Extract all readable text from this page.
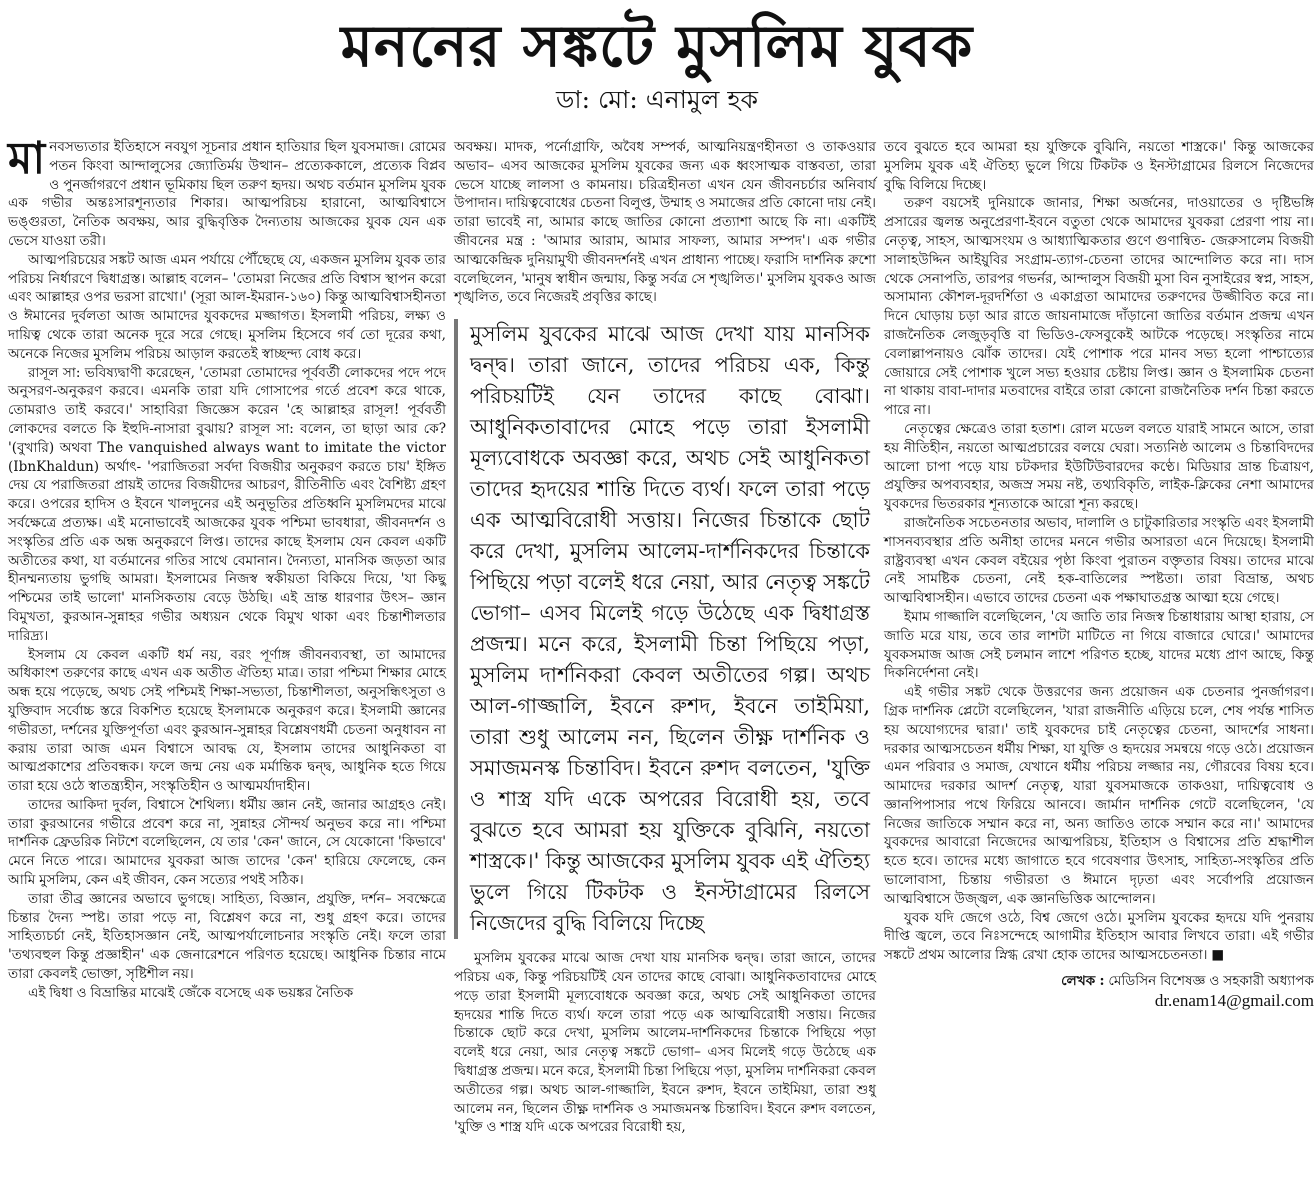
মননের সঙ্কটে মুসলিম যুবক
ডা: মো: এনামুল হক

মানবসভ্যতার ইতিহাসে নবযুগ সূচনার প্রধান হাতিয়ার ছিল যুবসমাজ। রোমের পতন কিংবা আন্দালুসের জ্যোতির্ময় উত্থান– প্রত্যেককালে, প্রত্যেক বিপ্লব ও পুনর্জাগরণে প্রধান ভূমিকায় ছিল তরুণ হৃদয়। অথচ বর্তমান মুসলিম যুবক এক গভীর অন্তঃসারশূন্যতার শিকার। আত্মপরিচয় হারানো, আত্মবিশ্বাসে ভঙ্গুরতা, নৈতিক অবক্ষয়, আর বুদ্ধিবৃত্তিক দৈন্যতায় আজকের যুবক যেন এক ভেসে যাওয়া তরী।

আত্মপরিচয়ের সঙ্কট আজ এমন পর্যায়ে পৌঁছেছে যে, একজন মুসলিম যুবক তার পরিচয় নির্ধারণে দ্বিধাগ্রস্ত। আল্লাহ বলেন– 'তোমরা নিজের প্রতি বিশ্বাস স্থাপন করো এবং আল্লাহর ওপর ভরসা রাখো।' (সূরা আল-ইমরান-১৬০) কিন্তু আত্মবিশ্বাসহীনতা ও ঈমানের দুর্বলতা আজ আমাদের যুবকদের মজ্জাগত। ইসলামী পরিচয়, লক্ষ্য ও দায়িত্ব থেকে তারা অনেক দূরে সরে গেছে। মুসলিম হিসেবে গর্ব তো দূরের কথা, অনেকে নিজের মুসলিম পরিচয় আড়াল করতেই স্বাচ্ছন্দ্য বোধ করে।

রাসূল সা: ভবিষ্যদ্বাণী করেছেন, 'তোমরা তোমাদের পূর্ববর্তী লোকদের পদে পদে অনুসরণ-অনুকরণ করবে। এমনকি তারা যদি গোসাপের গর্তে প্রবেশ করে থাকে, তোমরাও তাই করবে।' সাহাবিরা জিজ্ঞেস করেন 'হে আল্লাহর রাসূল! পূর্ববর্তী লোকদের বলতে কি ইহুদি-নাসারা বুঝায়? রাসূল সা: বলেন, তা ছাড়া আর কে? '(বুখারি) অথবা The vanquished always want to imitate the victor (IbnKhaldun) অর্থাৎ- 'পরাজিতরা সর্বদা বিজয়ীর অনুকরণ করতে চায়' ইঙ্গিত দেয় যে পরাজিতরা প্রায়ই তাদের বিজয়ীদের আচরণ, রীতিনীতি এবং বৈশিষ্ট্য গ্রহণ করে। ওপরের হাদিস ও ইবনে খালদুনের এই অনুভূতির প্রতিধ্বনি মুসলিমদের মাঝে সর্বক্ষেত্রে প্রত্যক্ষ। এই মনোভাবেই আজকের যুবক পশ্চিমা ভাবধারা, জীবনদর্শন ও সংস্কৃতির প্রতি এক অন্ধ অনুকরণে লিপ্ত। তাদের কাছে ইসলাম যেন কেবল একটি অতীতের কথা, যা বর্তমানের গতির সাথে বেমানান। দৈন্যতা, মানসিক জড়তা আর হীনম্মন্যতায় ভুগছি আমরা। ইসলামের নিজস্ব স্বকীয়তা বিকিয়ে দিয়ে, 'যা কিছু পশ্চিমের তাই ভালো' মানসিকতায় বেড়ে উঠছি। এই ভ্রান্ত ধারণার উৎস– জ্ঞান বিমুখতা, কুরআন-সুন্নাহর গভীর অধ্যয়ন থেকে বিমুখ থাকা এবং চিন্তাশীলতার দারিদ্র্য।

ইসলাম যে কেবল একটি ধর্ম নয়, বরং পূর্ণাঙ্গ জীবনব্যবস্থা, তা আমাদের অধিকাংশ তরুণের কাছে এখন এক অতীত ঐতিহ্য মাত্র। তারা পশ্চিমা শিক্ষার মোহে অন্ধ হয়ে পড়েছে, অথচ সেই পশ্চিমই শিক্ষা-সভ্যতা, চিন্তাশীলতা, অনুসন্ধিৎসুতা ও যুক্তিবাদ সর্বোচ্চ স্তরে বিকশিত হয়েছে ইসলামকে অনুকরণ করে। ইসলামী জ্ঞানের গভীরতা, দর্শনের যুক্তিপূর্ণতা এবং কুরআন-সুন্নাহর বিশ্লেষণধর্মী চেতনা অনুধাবন না করায় তারা আজ এমন বিশ্বাসে আবদ্ধ যে, ইসলাম তাদের আধুনিকতা বা আত্মপ্রকাশের প্রতিবন্ধক। ফলে জন্ম নেয় এক মর্মান্তিক দ্বন্দ্ব, আধুনিক হতে গিয়ে তারা হয়ে ওঠে স্বাতন্ত্র্যহীন, সংস্কৃতিহীন ও আত্মমর্যাদাহীন।

তাদের আকিদা দুর্বল, বিশ্বাসে শৈথিল্য। ধর্মীয় জ্ঞান নেই, জানার আগ্রহও নেই। তারা কুরআনের গভীরে প্রবেশ করে না, সুন্নাহর সৌন্দর্য অনুভব করে না। পশ্চিমা দার্শনিক ফ্রেডরিক নিটশে বলেছিলেন, যে তার 'কেন' জানে, সে যেকোনো 'কিভাবে' মেনে নিতে পারে। আমাদের যুবকরা আজ তাদের 'কেন' হারিয়ে ফেলেছে, কেন আমি মুসলিম, কেন এই জীবন, কেন সত্যের পথই সঠিক।

তারা তীব্র জ্ঞানের অভাবে ভুগছে। সাহিত্য, বিজ্ঞান, প্রযুক্তি, দর্শন– সবক্ষেত্রে চিন্তার দৈন্য স্পষ্ট। তারা পড়ে না, বিশ্লেষণ করে না, শুধু গ্রহণ করে। তাদের সাহিত্যচর্চা নেই, ইতিহাসজ্ঞান নেই, আত্মপর্যালোচনার সংস্কৃতি নেই। ফলে তারা 'তথ্যবহুল কিন্তু প্রজ্ঞাহীন' এক জেনারেশনে পরিণত হয়েছে। আধুনিক চিন্তার নামে তারা কেবলই ভোক্তা, সৃষ্টিশীল নয়।

এই দ্বিধা ও বিভ্রান্তির মাঝেই জেঁকে বসেছে এক ভয়ঙ্কর নৈতিক

অবক্ষয়। মাদক, পর্নোগ্রাফি, অবৈধ সম্পর্ক, আত্মনিয়ন্ত্রণহীনতা ও তাকওয়ার অভাব– এসব আজকের মুসলিম যুবকের জন্য এক ধ্বংসাত্মক বাস্তবতা, তারা ভেসে যাচ্ছে লালসা ও কামনায়। চরিত্রহীনতা এখন যেন জীবনচর্চার অনিবার্য উপাদান। দায়িত্ববোধের চেতনা বিলুপ্ত, উম্মাহ ও সমাজের প্রতি কোনো দায় নেই। তারা ভাবেই না, আমার কাছে জাতির কোনো প্রত্যাশা আছে কি না। একটিই জীবনের মন্ত্র : 'আমার আরাম, আমার সাফল্য, আমার সম্পদ'। এক গভীর আত্মকেন্দ্রিক দুনিয়ামুখী জীবনদর্শনই এখন প্রাধান্য পাচ্ছে। ফরাসি দার্শনিক রুশো বলেছিলেন, 'মানুষ স্বাধীন জন্মায়, কিন্তু সর্বত্র সে শৃঙ্খলিত।' মুসলিম যুবকও আজ শৃঙ্খলিত, তবে নিজেরই প্রবৃত্তির কাছে।

মুসলিম যুবকের মাঝে আজ দেখা যায় মানসিক দ্বন্দ্ব। তারা জানে, তাদের পরিচয় এক, কিন্তু পরিচয়টিই যেন তাদের কাছে বোঝা। আধুনিকতাবাদের মোহে পড়ে তারা ইসলামী মূল্যবোধকে অবজ্ঞা করে, অথচ সেই আধুনিকতা তাদের হৃদয়ের শান্তি দিতে ব্যর্থ। ফলে তারা পড়ে এক আত্মবিরোধী সত্তায়। নিজের চিন্তাকে ছোট করে দেখা, মুসলিম আলেম-দার্শনিকদের চিন্তাকে পিছিয়ে পড়া বলেই ধরে নেয়া, আর নেতৃত্ব সঙ্কটে ভোগা– এসব মিলেই গড়ে উঠেছে এক দ্বিধাগ্রস্ত প্রজন্ম। মনে করে, ইসলামী চিন্তা পিছিয়ে পড়া, মুসলিম দার্শনিকরা কেবল অতীতের গল্প। অথচ আল-গাজ্জালি, ইবনে রুশদ, ইবনে তাইমিয়া, তারা শুধু আলেম নন, ছিলেন তীক্ষ্ণ দার্শনিক ও সমাজমনস্ক চিন্তাবিদ। ইবনে রুশদ বলতেন, 'যুক্তি ও শাস্ত্র যদি একে অপরের বিরোধী হয়, তবে বুঝতে হবে আমরা হয় যুক্তিকে বুঝিনি, নয়তো শাস্ত্রকে।' কিন্তু আজকের মুসলিম যুবক এই ঐতিহ্য ভুলে গিয়ে টিকটক ও ইনস্টাগ্রামের রিলসে নিজেদের বুদ্ধি বিলিয়ে দিচ্ছে

মুসলিম যুবকের মাঝে আজ দেখা যায় মানসিক দ্বন্দ্ব। তারা জানে, তাদের পরিচয় এক, কিন্তু পরিচয়টিই যেন তাদের কাছে বোঝা। আধুনিকতাবাদের মোহে পড়ে তারা ইসলামী মূল্যবোধকে অবজ্ঞা করে, অথচ সেই আধুনিকতা তাদের হৃদয়ের শান্তি দিতে ব্যর্থ। ফলে তারা পড়ে এক আত্মবিরোধী সত্তায়। নিজের চিন্তাকে ছোট করে দেখা, মুসলিম আলেম-দার্শনিকদের চিন্তাকে পিছিয়ে পড়া বলেই ধরে নেয়া, আর নেতৃত্ব সঙ্কটে ভোগা– এসব মিলেই গড়ে উঠেছে এক দ্বিধাগ্রস্ত প্রজন্ম। মনে করে, ইসলামী চিন্তা পিছিয়ে পড়া, মুসলিম দার্শনিকরা কেবল অতীতের গল্প। অথচ আল-গাজ্জালি, ইবনে রুশদ, ইবনে তাইমিয়া, তারা শুধু আলেম নন, ছিলেন তীক্ষ্ণ দার্শনিক ও সমাজমনস্ক চিন্তাবিদ। ইবনে রুশদ বলতেন, 'যুক্তি ও শাস্ত্র যদি একে অপরের বিরোধী হয়,

তবে বুঝতে হবে আমরা হয় যুক্তিকে বুঝিনি, নয়তো শাস্ত্রকে।' কিন্তু আজকের মুসলিম যুবক এই ঐতিহ্য ভুলে গিয়ে টিকটক ও ইনস্টাগ্রামের রিলসে নিজেদের বুদ্ধি বিলিয়ে দিচ্ছে।

তরুণ বয়সেই দুনিয়াকে জানার, শিক্ষা অর্জনের, দাওয়াতের ও দৃষ্টিভঙ্গি প্রসারের জ্বলন্ত অনুপ্রেরণা-ইবনে বতুতা থেকে আমাদের যুবকরা প্রেরণা পায় না। নেতৃত্ব, সাহস, আত্মসংযম ও আধ্যাত্মিকতার গুণে গুণান্বিত- জেরুসালেম বিজয়ী সালাহউদ্দিন আইয়ুবির সংগ্রাম-ত্যাগ-চেতনা তাদের আন্দোলিত করে না। দাস থেকে সেনাপতি, তারপর গভর্নর, আন্দালুস বিজয়ী মুসা বিন নুসাইরের স্বপ্ন, সাহস, অসামান্য কৌশল-দূরদর্শিতা ও একাগ্রতা আমাদের তরুণদের উজ্জীবিত করে না। দিনে ঘোড়ায় চড়া আর রাতে জায়নামাজে দাঁড়ানো জাতির বর্তমান প্রজন্ম এখন রাজনৈতিক লেজুড়বৃত্তি বা ভিডিও-ফেসবুকেই আটকে পড়েছে। সংস্কৃতির নামে বেলাল্লাপনায়ও ঝোঁক তাদের। যেই পোশাক পরে মানব সভ্য হলো পাশ্চাত্যের জোয়ারে সেই পোশাক খুলে সভ্য হওয়ার চেষ্টায় লিপ্ত। জ্ঞান ও ইসলামিক চেতনা না থাকায় বাবা-দাদার মতবাদের বাইরে তারা কোনো রাজনৈতিক দর্শন চিন্তা করতে পারে না।

নেতৃত্বের ক্ষেত্রেও তারা হতাশ। রোল মডেল বলতে যারাই সামনে আসে, তারা হয় নীতিহীন, নয়তো আত্মপ্রচারের বলয়ে ঘেরা। সত্যনিষ্ঠ আলেম ও চিন্তাবিদদের আলো চাপা পড়ে যায় চটকদার ইউটিউবারদের কণ্ঠে। মিডিয়ার ভ্রান্ত চিত্রায়ণ, প্রযুক্তির অপব্যবহার, অজস্র সময় নষ্ট, তথ্যবিকৃতি, লাইক-ক্লিকের নেশা আমাদের যুবকদের ভিতরকার শূন্যতাকে আরো শূন্য করছে।

রাজনৈতিক সচেতনতার অভাব, দালালি ও চাটুকারিতার সংস্কৃতি এবং ইসলামী শাসনব্যবস্থার প্রতি অনীহা তাদের মননে গভীর অসারতা এনে দিয়েছে। ইসলামী রাষ্ট্রব্যবস্থা এখন কেবল বইয়ের পৃষ্ঠা কিংবা পুরাতন বক্তৃতার বিষয়। তাদের মাঝে নেই সামষ্টিক চেতনা, নেই হক-বাতিলের স্পষ্টতা। তারা বিভ্রান্ত, অথচ আত্মবিশ্বাসহীন। এভাবে তাদের চেতনা এক পক্ষাঘাতগ্রস্ত আত্মা হয়ে গেছে।

ইমাম গাজ্জালি বলেছিলেন, 'যে জাতি তার নিজস্ব চিন্তাধারায় আস্থা হারায়, সে জাতি মরে যায়, তবে তার লাশটা মাটিতে না গিয়ে বাজারে ঘোরে।' আমাদের যুবকসমাজ আজ সেই চলমান লাশে পরিণত হচ্ছে, যাদের মধ্যে প্রাণ আছে, কিন্তু দিকনির্দেশনা নেই।

এই গভীর সঙ্কট থেকে উত্তরণের জন্য প্রয়োজন এক চেতনার পুনর্জাগরণ। গ্রিক দার্শনিক প্লেটো বলেছিলেন, 'যারা রাজনীতি এড়িয়ে চলে, শেষ পর্যন্ত শাসিত হয় অযোগ্যদের দ্বারা।' তাই যুবকদের চাই নেতৃত্বের চেতনা, আদর্শের সাধনা। দরকার আত্মসচেতন ধর্মীয় শিক্ষা, যা যুক্তি ও হৃদয়ের সমন্বয়ে গড়ে ওঠে। প্রয়োজন এমন পরিবার ও সমাজ, যেখানে ধর্মীয় পরিচয় লজ্জার নয়, গৌরবের বিষয় হবে। আমাদের দরকার আদর্শ নেতৃত্ব, যারা যুবসমাজকে তাকওয়া, দায়িত্ববোধ ও জ্ঞানপিপাসার পথে ফিরিয়ে আনবে। জার্মান দার্শনিক গেটে বলেছিলেন, 'যে নিজের জাতিকে সম্মান করে না, অন্য জাতিও তাকে সম্মান করে না।' আমাদের যুবকদের আবারো নিজেদের আত্মপরিচয়, ইতিহাস ও বিশ্বাসের প্রতি শ্রদ্ধাশীল হতে হবে। তাদের মধ্যে জাগাতে হবে গবেষণার উৎসাহ, সাহিত্য-সংস্কৃতির প্রতি ভালোবাসা, চিন্তায় গভীরতা ও ঈমানে দৃঢ়তা এবং সর্বোপরি প্রয়োজন আত্মবিশ্বাসে উজ্জ্বল, এক জ্ঞানভিত্তিক আন্দোলন।

যুবক যদি জেগে ওঠে, বিশ্ব জেগে ওঠে। মুসলিম যুবকের হৃদয়ে যদি পুনরায় দীপ্তি জ্বলে, তবে নিঃসন্দেহে আগামীর ইতিহাস আবার লিখবে তারা। এই গভীর সঙ্কটে প্রথম আলোর স্নিগ্ধ রেখা হোক তাদের আত্মসচেতনতা। ■

লেখক : মেডিসিন বিশেষজ্ঞ ও সহকারী অধ্যাপক
dr.enam14@gmail.com
